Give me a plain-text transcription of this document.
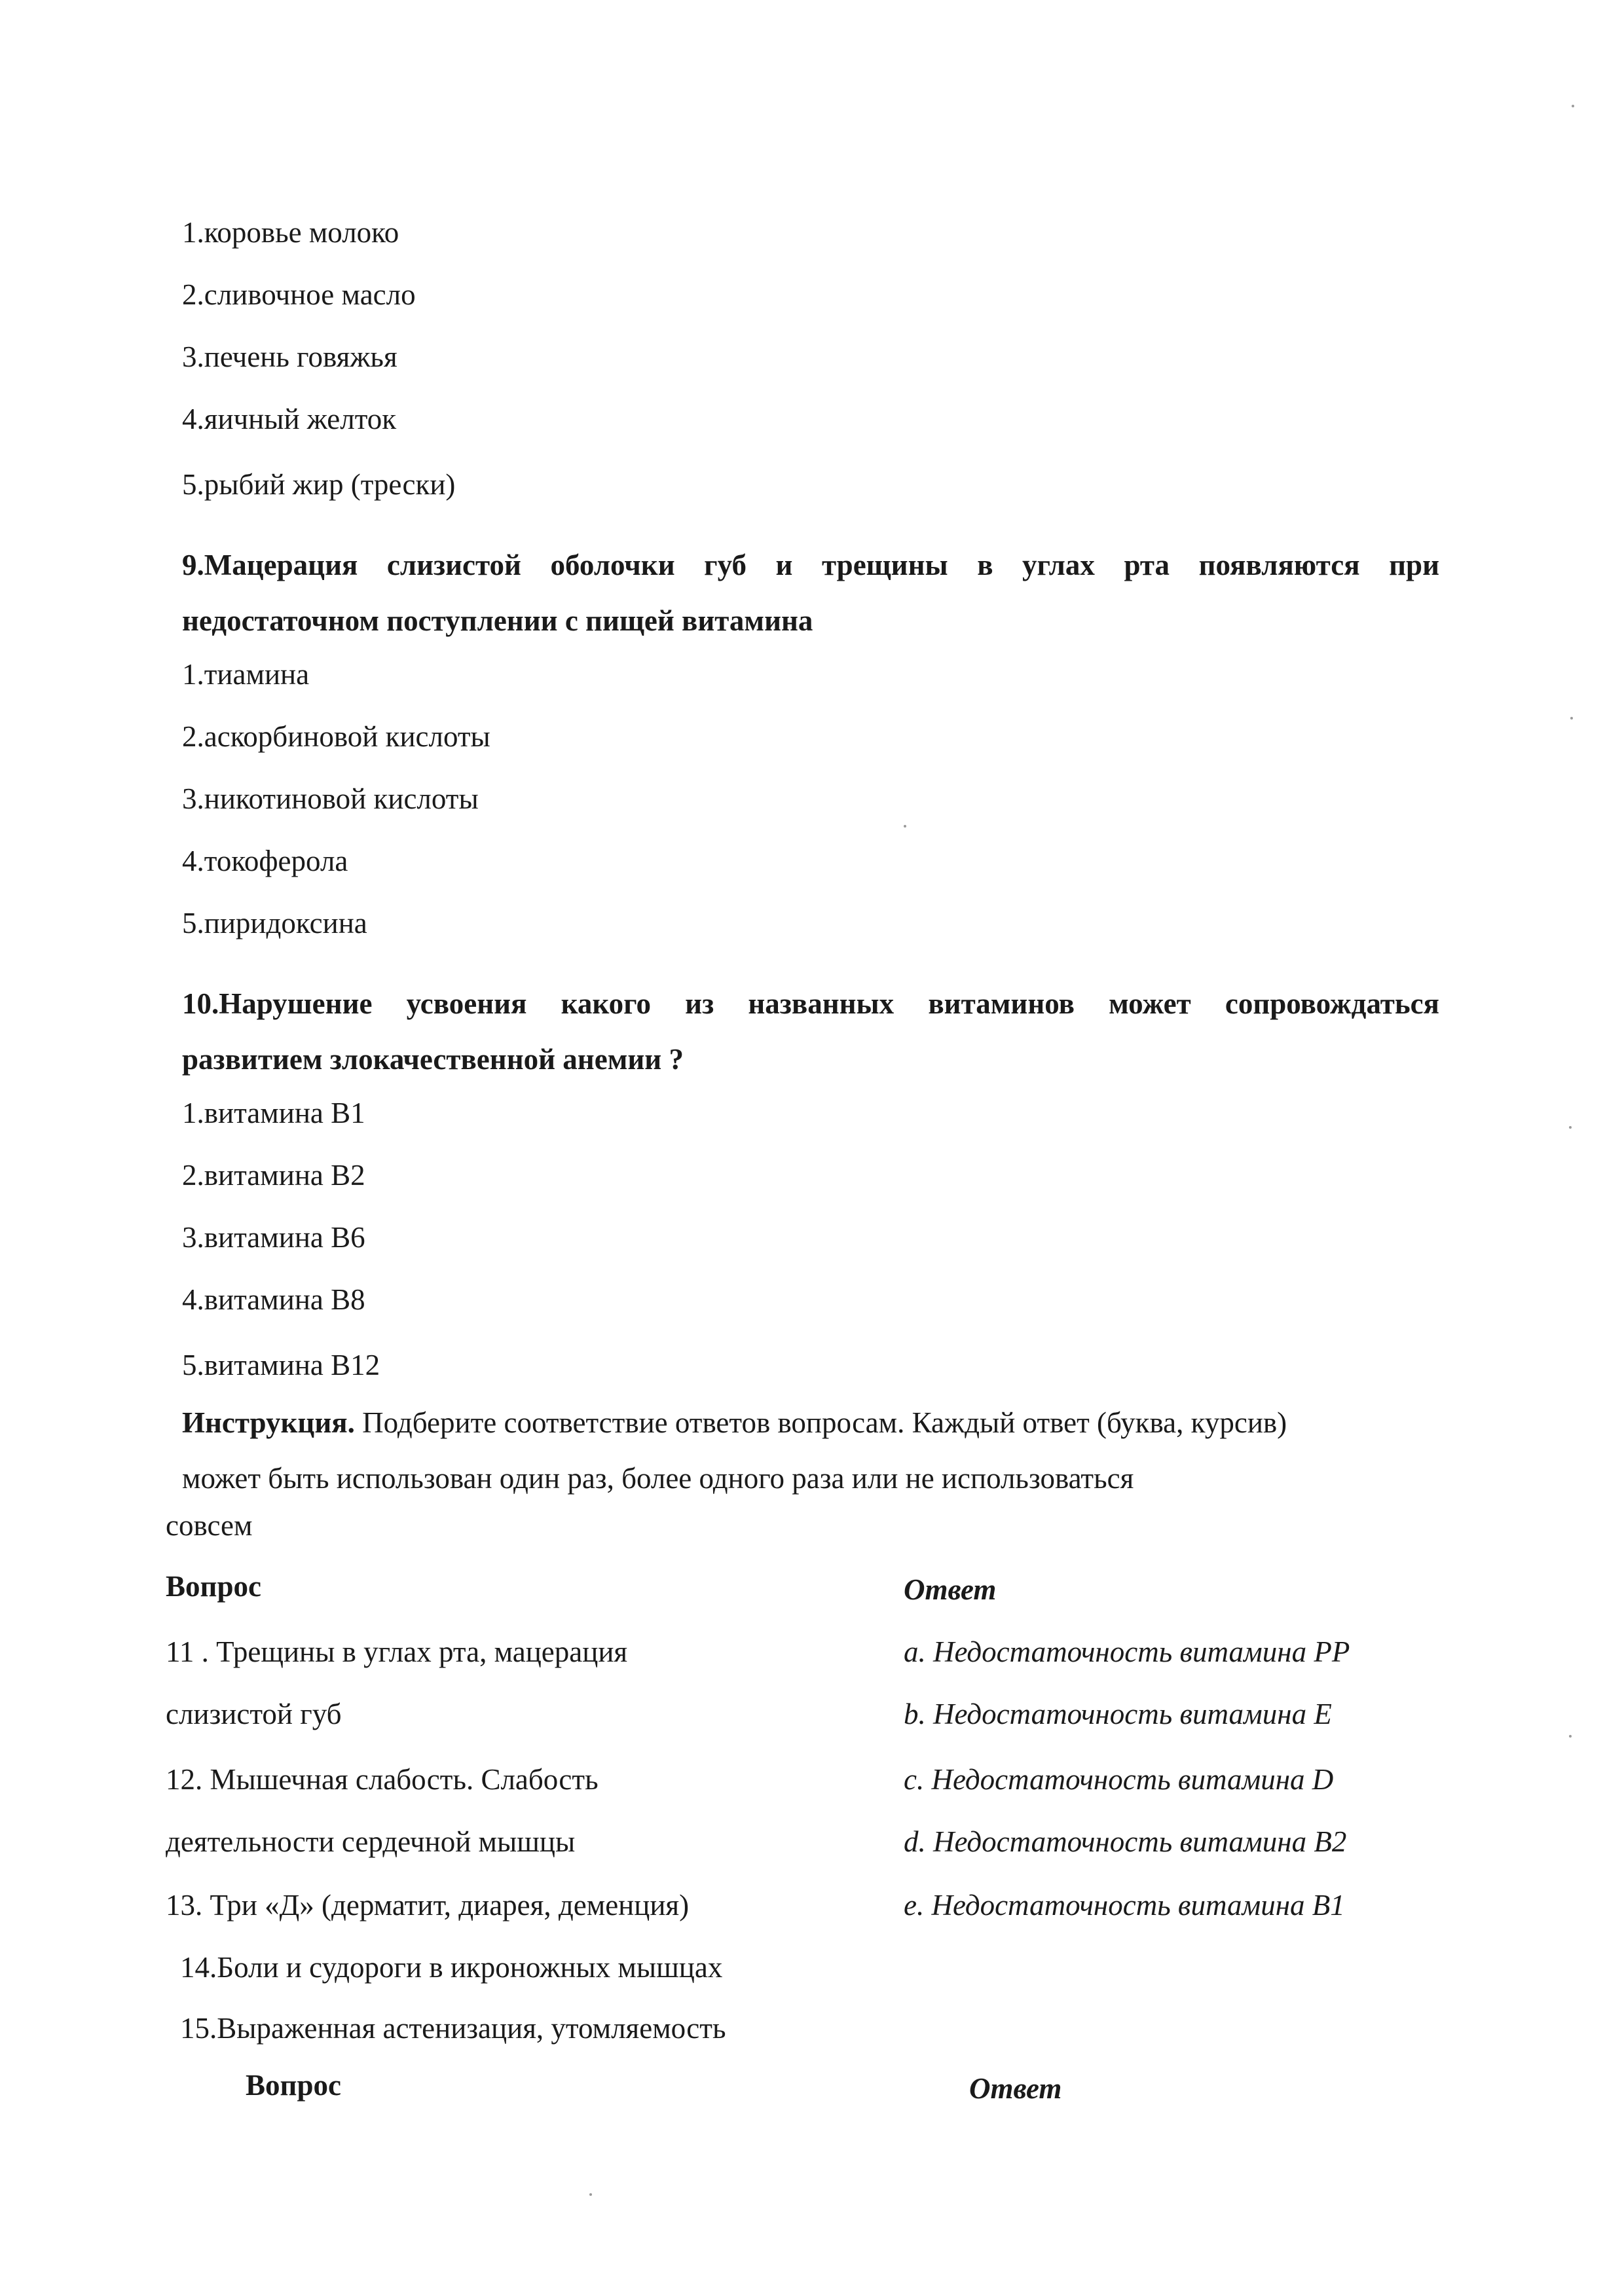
1.коровье молоко
2.сливочное масло
3.печень говяжья
4.яичный желток
5.рыбий жир (трески)
9.Мацерация слизистой оболочки губ и трещины в углах рта появляются при
недостаточном поступлении с пищей витамина
1.тиамина
2.аскорбиновой кислоты
3.никотиновой кислоты
4.токоферола
5.пиридоксина
10.Нарушение усвоения какого из названных витаминов может сопровождаться
развитием злокачественной анемии ?
1.витамина В1
2.витамина В2
3.витамина В6
4.витамина В8
5.витамина В12
Инструкция. Подберите соответствие ответов вопросам. Каждый ответ (буква, курсив)
может быть использован один раз, более одного раза или не использоваться
совсем
Вопрос	Ответ
11 . Трещины в углах рта, мацерация
слизистой губ
12. Мышечная слабость. Слабость
деятельности сердечной мышцы
13. Три «Д» (дерматит, диарея, деменция)
14.Боли и судороги в икроножных мышцах
15.Выраженная астенизация, утомляемость
a. Недостаточность витамина РР
b. Недостаточность витамина Е
c. Недостаточность витамина D
d. Недостаточность витамина В2
e. Недостаточность витамина В1
Вопрос	Ответ
